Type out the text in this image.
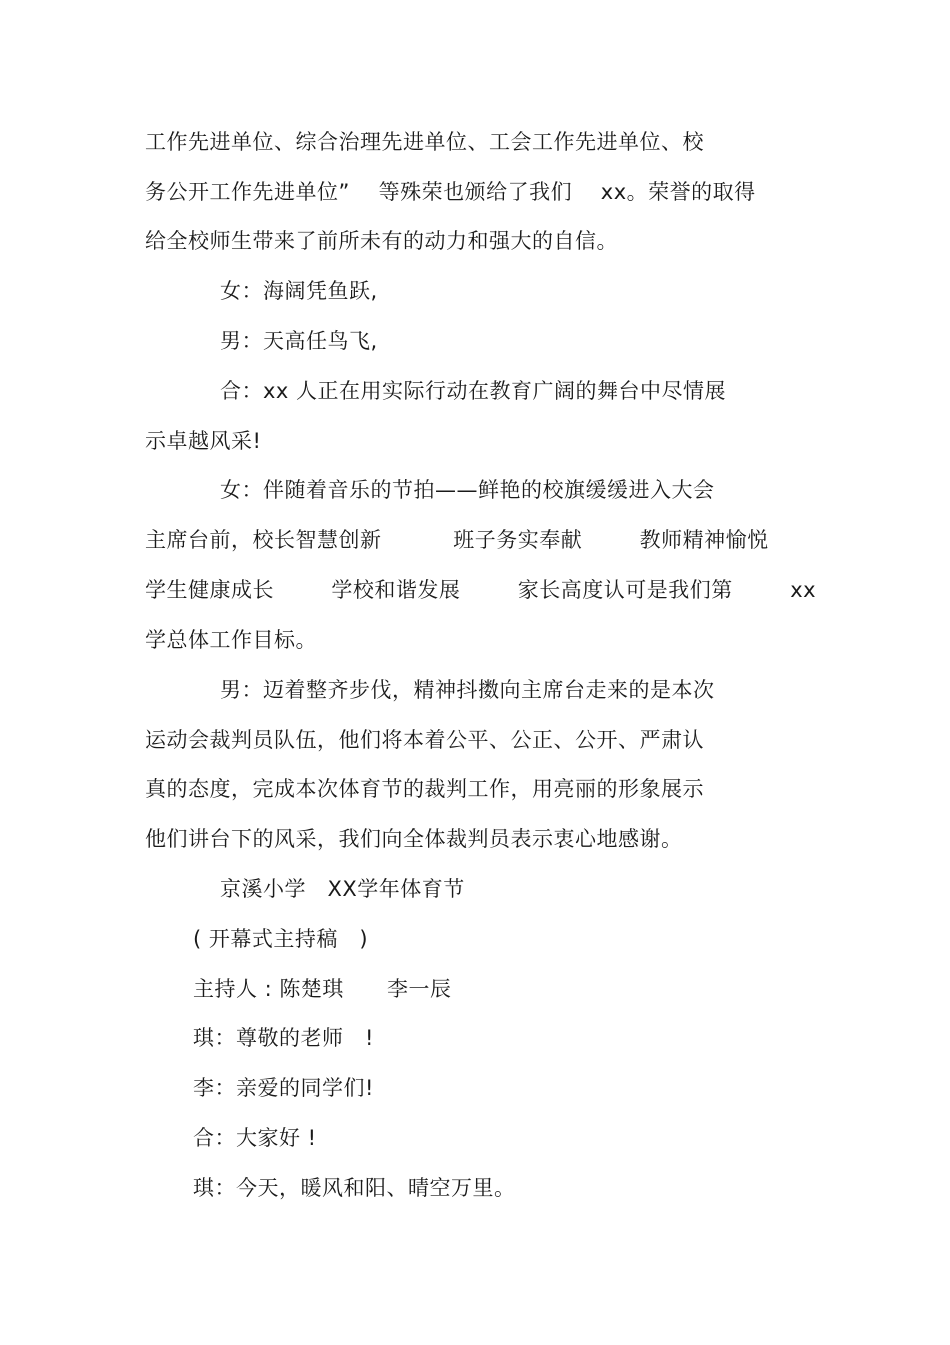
工作先进单位、综合治理先进单位、工会工作先进单位、校
务公开工作先进单位”    等殊荣也颁给了我们    xx。荣誉的取得
给全校师生带来了前所未有的动力和强大的自信。
女：海阔凭鱼跃,
男：天高任鸟飞,
合：xx 人正在用实际行动在教育广阔的舞台中尽情展
示卓越风采!
女：伴随着音乐的节拍——鲜艳的校旗缓缓进入大会
主席台前，校长智慧创新          班子务实奉献        教师精神愉悦
学生健康成长        学校和谐发展        家长高度认可是我们第        xx
学总体工作目标。
男：迈着整齐步伐，精神抖擞向主席台走来的是本次
运动会裁判员队伍，他们将本着公平、公正、公开、严肃认
真的态度，完成本次体育节的裁判工作，用亮丽的形象展示
他们讲台下的风采，我们向全体裁判员表示衷心地感谢。
京溪小学   XX学年体育节
( 开幕式主持稿   )
主持人 : 陈楚琪      李一辰
琪：尊敬的老师   !
李：亲爱的同学们!
合：大家好 !
琪：今天，暖风和阳、晴空万里。
